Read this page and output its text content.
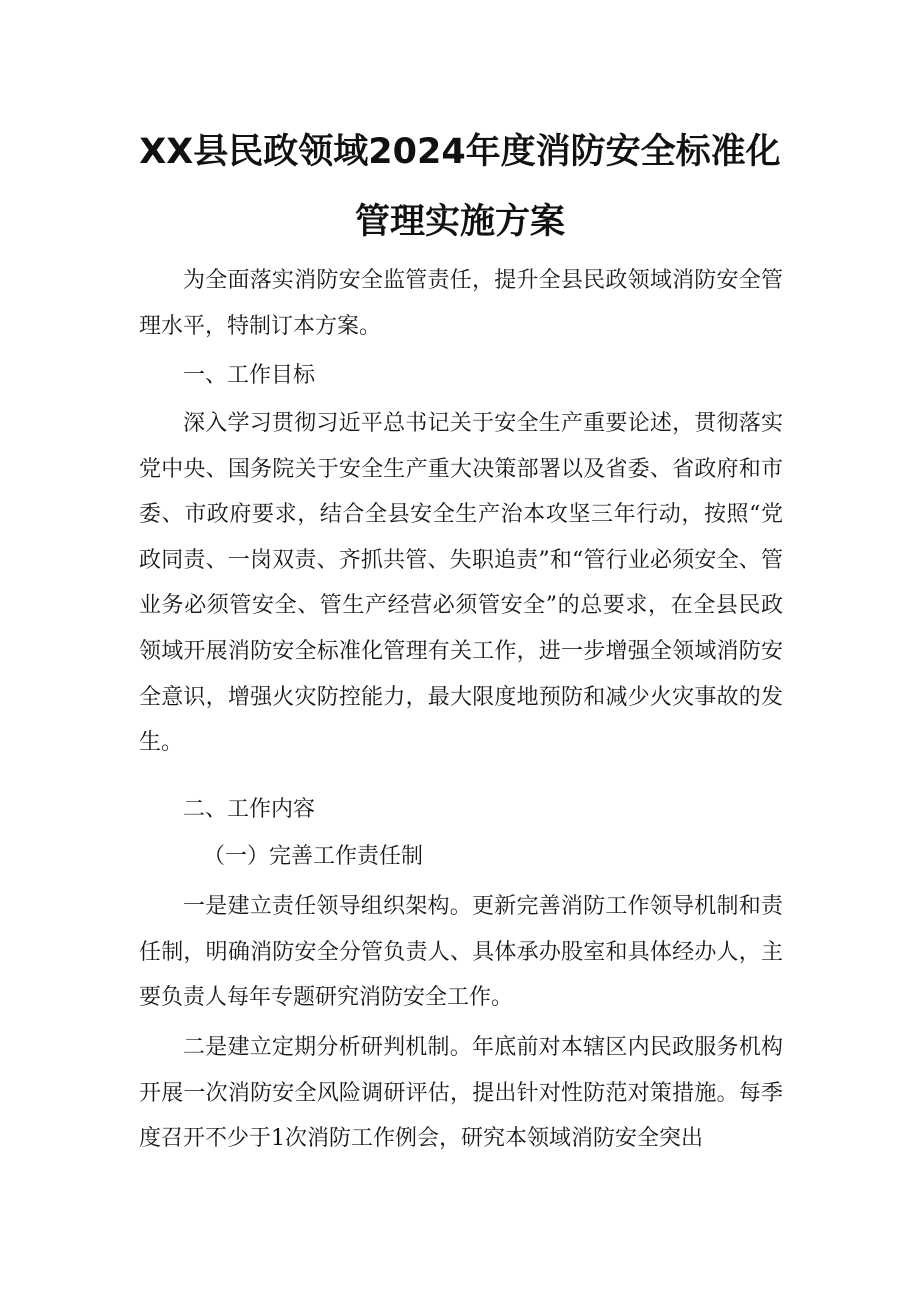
XX县民政领域2024年度消防安全标准化
管理实施方案

为全面落实消防安全监管责任，提升全县民政领域消防安全管理水平，特制订本方案。

一、工作目标

深入学习贯彻习近平总书记关于安全生产重要论述，贯彻落实党中央、国务院关于安全生产重大决策部署以及省委、省政府和市委、市政府要求，结合全县安全生产治本攻坚三年行动，按照“党政同责、一岗双责、齐抓共管、失职追责”和“管行业必须安全、管业务必须管安全、管生产经营必须管安全”的总要求，在全县民政领域开展消防安全标准化管理有关工作，进一步增强全领域消防安全意识，增强火灾防控能力，最大限度地预防和减少火灾事故的发生。

二、工作内容

（一）完善工作责任制

一是建立责任领导组织架构。更新完善消防工作领导机制和责任制，明确消防安全分管负责人、具体承办股室和具体经办人，主要负责人每年专题研究消防安全工作。

二是建立定期分析研判机制。年底前对本辖区内民政服务机构开展一次消防安全风险调研评估，提出针对性防范对策措施。每季度召开不少于1次消防工作例会，研究本领域消防安全突出
